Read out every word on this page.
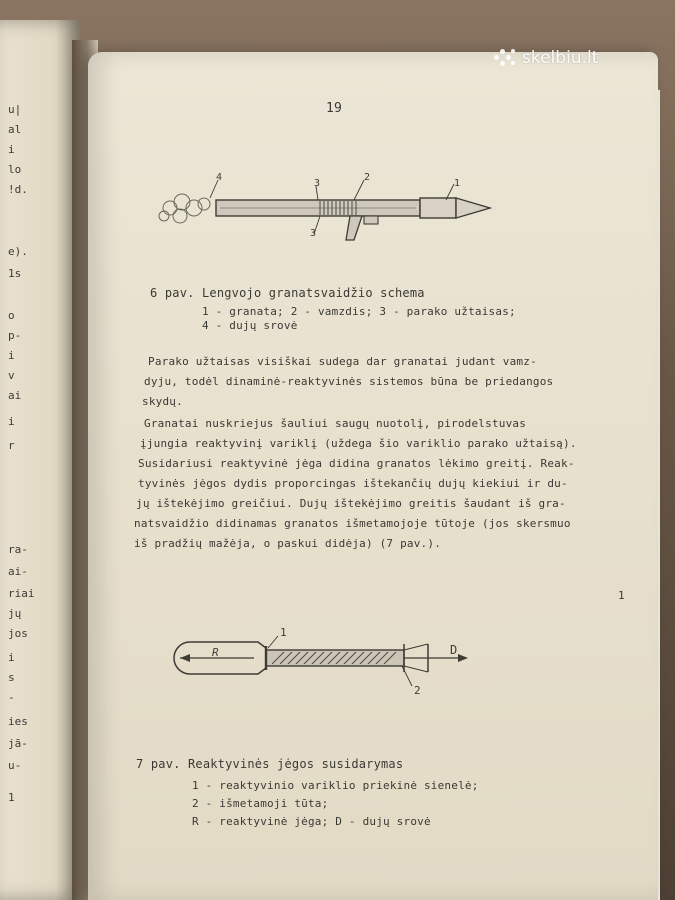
u|
al
i
lo
!d.
e).
1s
o
p-
i
v
ai
i
r
rа-
ai-
riai
jų
jos
i
s
-
ies
jā-
u-
1
skelbiu.lt
19
4
3
2
1
3
6 pav. Lengvojo granatsvaidžio schema
1 - granata; 2 - vamzdis; 3 - parako užtaisas;
4 - dujų srovė
Parako užtaisas visiškai sudega dar granatai judant vamz-
dyju, todėl dinaminė-reaktyvinės sistemos būna be priedangos
skydų.
Granatai nuskriejus šauliui saugų nuotolį, pirodelstuvas
įjungia reaktyvinį variklį (uždega šio variklio parako užtaisą).
Susidariusi reaktyvinė jėga didina granatos lėkimo greitį. Reak-
tyvinės jėgos dydis proporcingas ištekančių dujų kiekiui ir du-
jų ištekėjimo greičiui. Dujų ištekėjimo greitis šaudant iš gra-
natsvaidžio didinamas granatos išmetamojoje tūtoje (jos skersmuo
iš pradžių mažėja, o paskui didėja) (7 pav.).
1
1
R	D
2
7 pav. Reaktyvinės jėgos susidarymas
1 - reaktyvinio variklio priekinė sienelė;
2 - išmetamoji tūta;
R - reaktyvinė jėga; D - dujų srovė
